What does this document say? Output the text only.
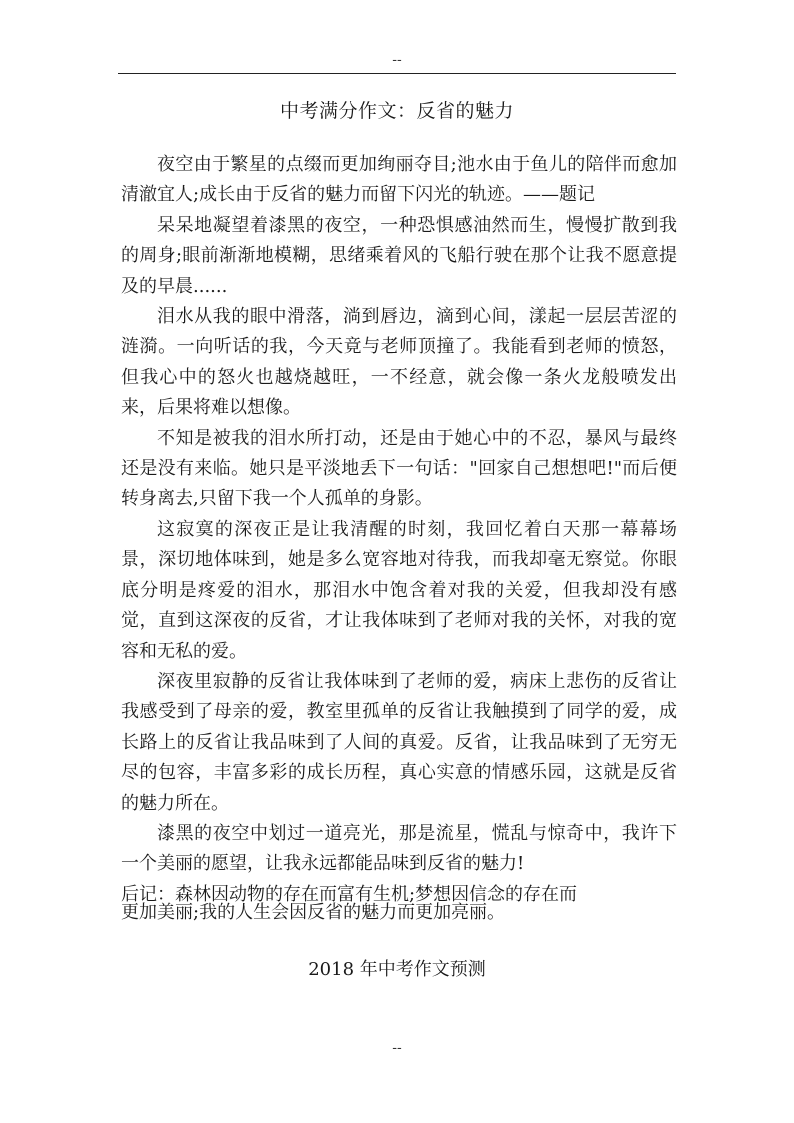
--
中考满分作文：反省的魅力

夜空由于繁星的点缀而更加绚丽夺目;池水由于鱼儿的陪伴而愈加清澈宜人;成长由于反省的魅力而留下闪光的轨迹。——题记

呆呆地凝望着漆黑的夜空，一种恐惧感油然而生，慢慢扩散到我的周身;眼前渐渐地模糊，思绪乘着风的飞船行驶在那个让我不愿意提及的早晨......

泪水从我的眼中滑落，淌到唇边，滴到心间，漾起一层层苦涩的涟漪。一向听话的我，今天竟与老师顶撞了。我能看到老师的愤怒，但我心中的怒火也越烧越旺，一不经意，就会像一条火龙般喷发出来，后果将难以想像。

不知是被我的泪水所打动，还是由于她心中的不忍，暴风与最终还是没有来临。她只是平淡地丢下一句话："回家自己想想吧!"而后便转身离去,只留下我一个人孤单的身影。

这寂寞的深夜正是让我清醒的时刻，我回忆着白天那一幕幕场景，深切地体味到，她是多么宽容地对待我，而我却毫无察觉。你眼底分明是疼爱的泪水，那泪水中饱含着对我的关爱，但我却没有感觉，直到这深夜的反省，才让我体味到了老师对我的关怀，对我的宽容和无私的爱。

深夜里寂静的反省让我体味到了老师的爱，病床上悲伤的反省让我感受到了母亲的爱，教室里孤单的反省让我触摸到了同学的爱，成长路上的反省让我品味到了人间的真爱。反省，让我品味到了无穷无尽的包容，丰富多彩的成长历程，真心实意的情感乐园，这就是反省的魅力所在。

漆黑的夜空中划过一道亮光，那是流星，慌乱与惊奇中，我许下一个美丽的愿望，让我永远都能品味到反省的魅力!

后记：森林因动物的存在而富有生机;梦想因信念的存在而

更加美丽;我的人生会因反省的魅力而更加亮丽。

2018 年中考作文预测
--
